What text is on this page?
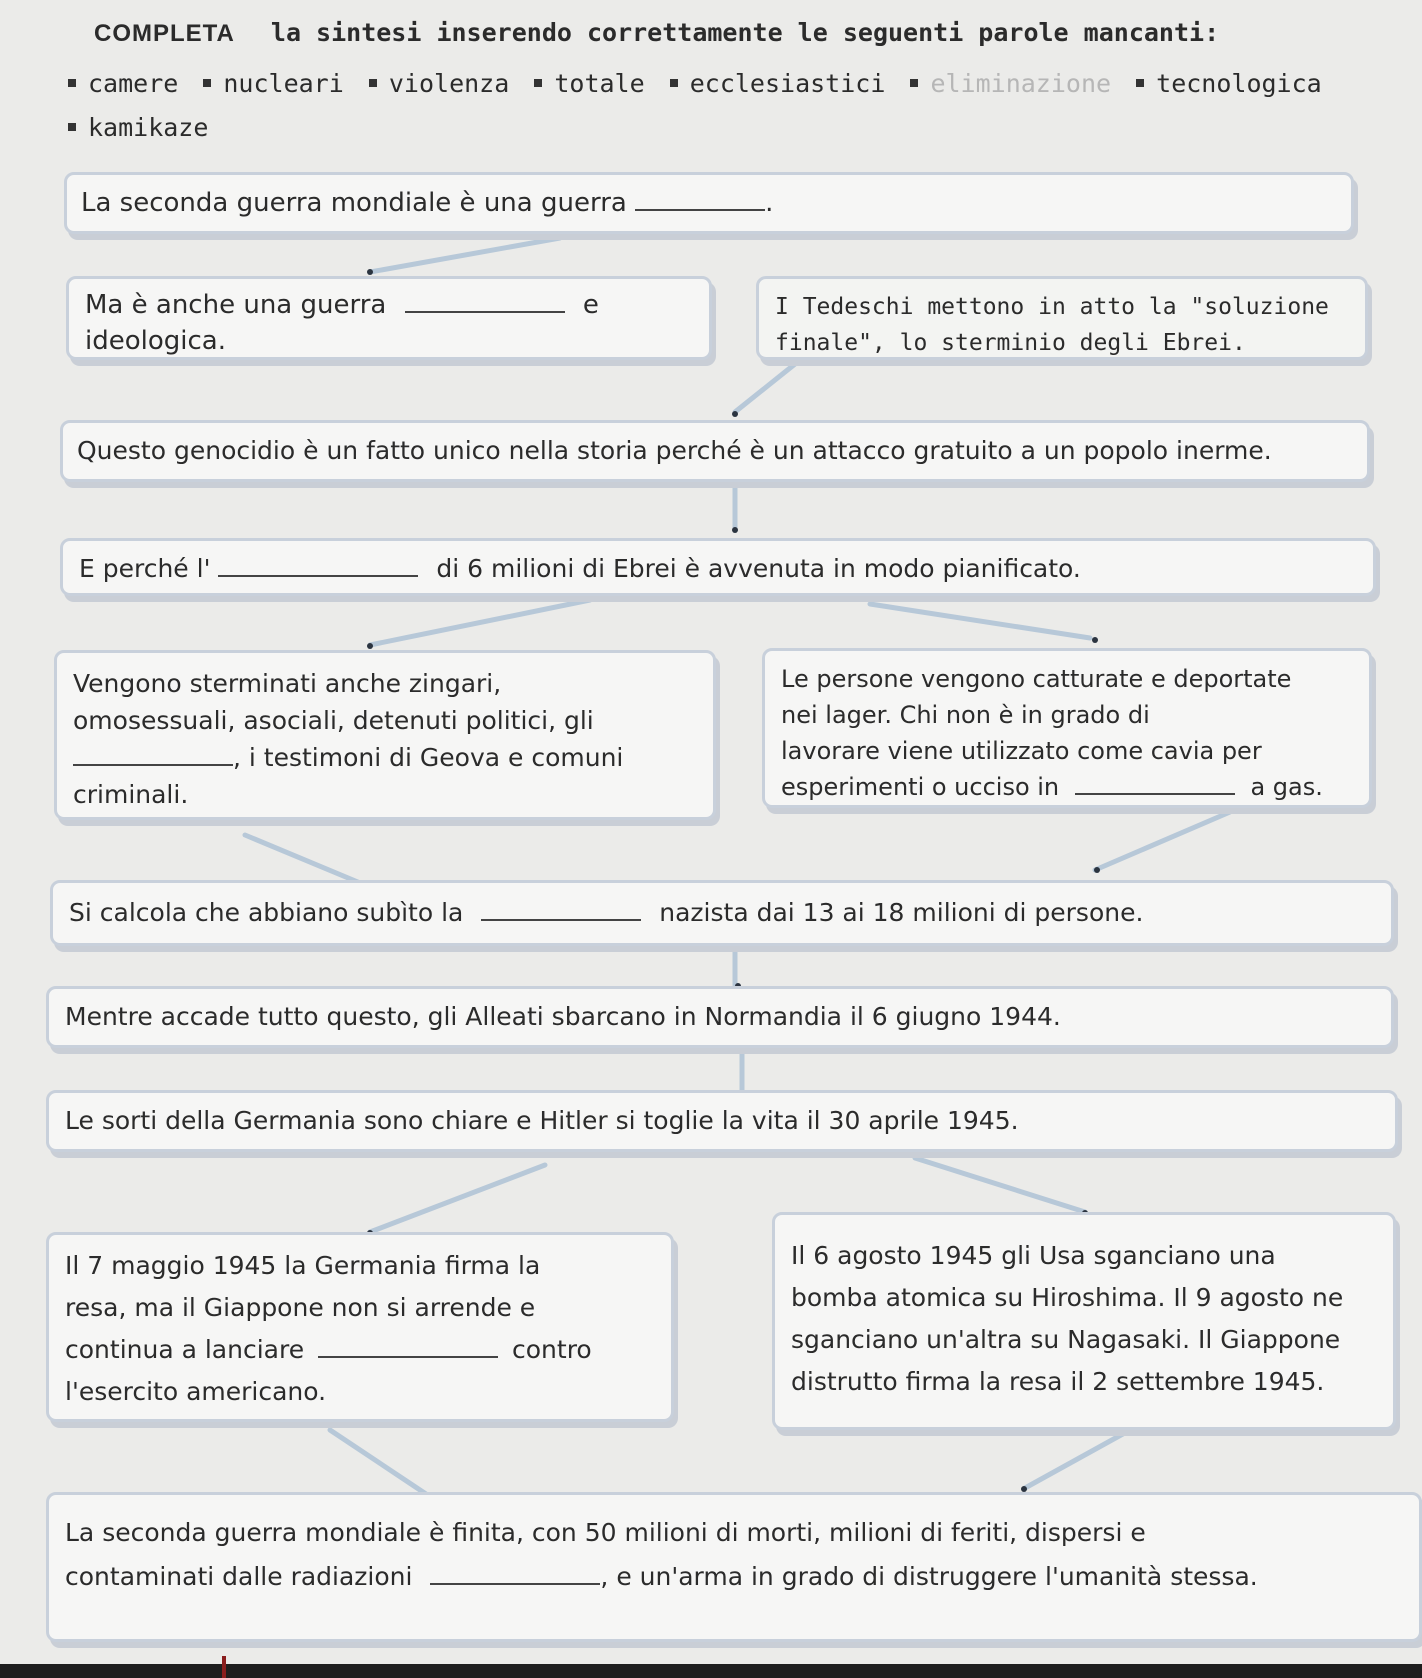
COMPLETA la sintesi inserendo correttamente le seguenti parole mancanti:
camere nucleari violenza totale ecclesiastici eliminazione tecnologica
kamikaze
La seconda guerra mondiale è una guerra	.
Ma è anche una guerra	e
ideologica.
I Tedeschi mettono in atto la "soluzione
finale", lo sterminio degli Ebrei.
Questo genocidio è un fatto unico nella storia perché è un attacco gratuito a un popolo inerme.
E perché l'	di 6 milioni di Ebrei è avvenuta in modo pianificato.
Vengono sterminati anche zingari,
omosessuali, asociali, detenuti politici, gli
, i testimoni di Geova e comuni
criminali.
Le persone vengono catturate e deportate
nei lager. Chi non è in grado di
lavorare viene utilizzato come cavia per
esperimenti o ucciso in	a gas.
Si calcola che abbiano subìto la	nazista dai 13 ai 18 milioni di persone.
Mentre accade tutto questo, gli Alleati sbarcano in Normandia il 6 giugno 1944.
Le sorti della Germania sono chiare e Hitler si toglie la vita il 30 aprile 1945.
Il 7 maggio 1945 la Germania firma la
resa, ma il Giappone non si arrende e
continua a lanciare	contro
l'esercito americano.
Il 6 agosto 1945 gli Usa sganciano una
bomba atomica su Hiroshima. Il 9 agosto ne
sganciano un'altra su Nagasaki. Il Giappone
distrutto firma la resa il 2 settembre 1945.
La seconda guerra mondiale è finita, con 50 milioni di morti, milioni di feriti, dispersi e
contaminati dalle radiazioni	, e un'arma in grado di distruggere l'umanità stessa.
